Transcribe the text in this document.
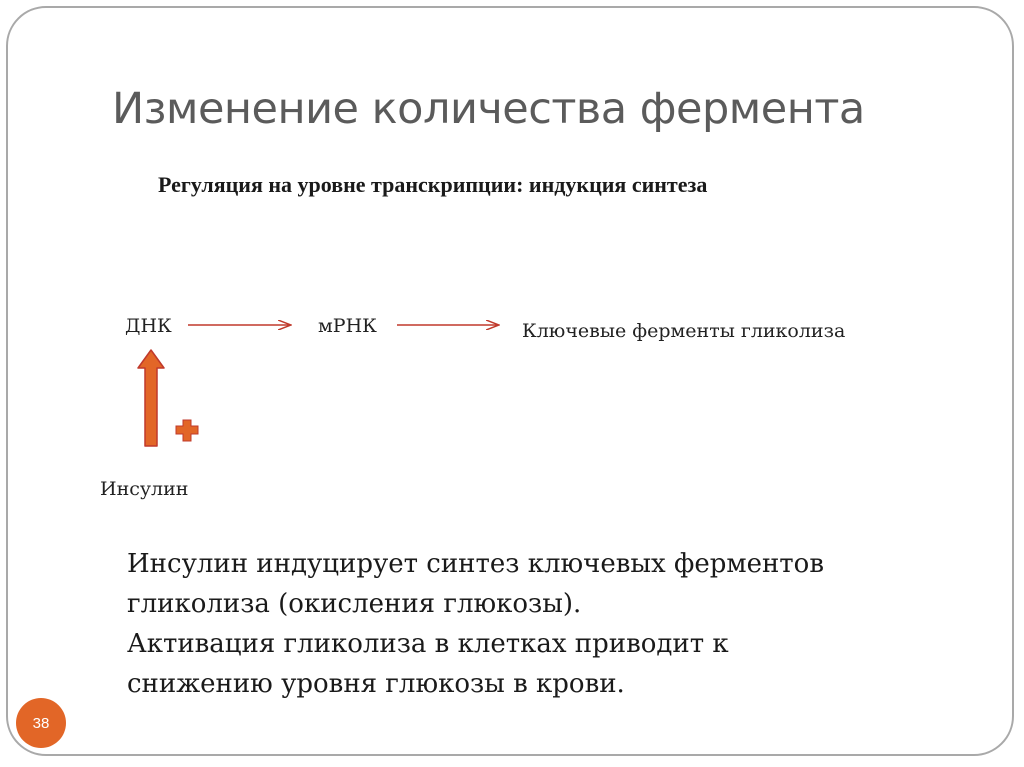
Изменение количества фермента
Регуляция на уровне транскрипции: индукция синтеза
ДНК	мРНК	Ключевые ферменты гликолиза
Инсулин
Инсулин индуцирует синтез ключевых ферментов
гликолиза (окисления глюкозы).
Активация гликолиза в клетках приводит к
снижению уровня глюкозы в крови.
38
